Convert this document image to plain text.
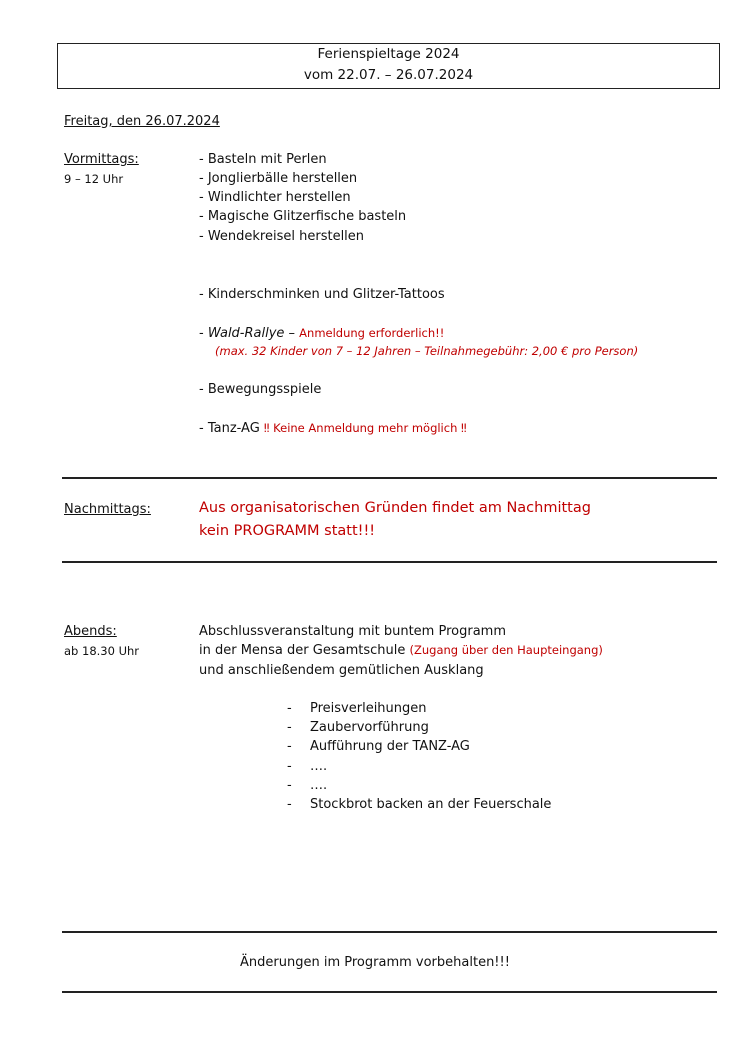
Ferienspieltage 2024
vom 22.07. – 26.07.2024
Freitag, den 26.07.2024
Vormittags:
9 – 12 Uhr
- Basteln mit Perlen
- Jonglierbälle herstellen
- Windlichter herstellen
- Magische Glitzerfische basteln
- Wendekreisel herstellen
- Kinderschminken und Glitzer-Tattoos
- Wald-Rallye – Anmeldung erforderlich!!
(max. 32 Kinder von 7 – 12 Jahren – Teilnahmegebühr: 2,00 € pro Person)
- Bewegungsspiele
- Tanz-AG ‼ Keine Anmeldung mehr möglich ‼
Nachmittags:	Aus organisatorischen Gründen findet am Nachmittag
kein PROGRAMM statt!!!
Abends:
ab 18.30 Uhr
Abschlussveranstaltung mit buntem Programm
in der Mensa der Gesamtschule (Zugang über den Haupteingang)
und anschließendem gemütlichen Ausklang
- Preisverleihungen
- Zaubervorführung
- Aufführung der TANZ-AG
- ….
- ….
- Stockbrot backen an der Feuerschale
Änderungen im Programm vorbehalten!!!
